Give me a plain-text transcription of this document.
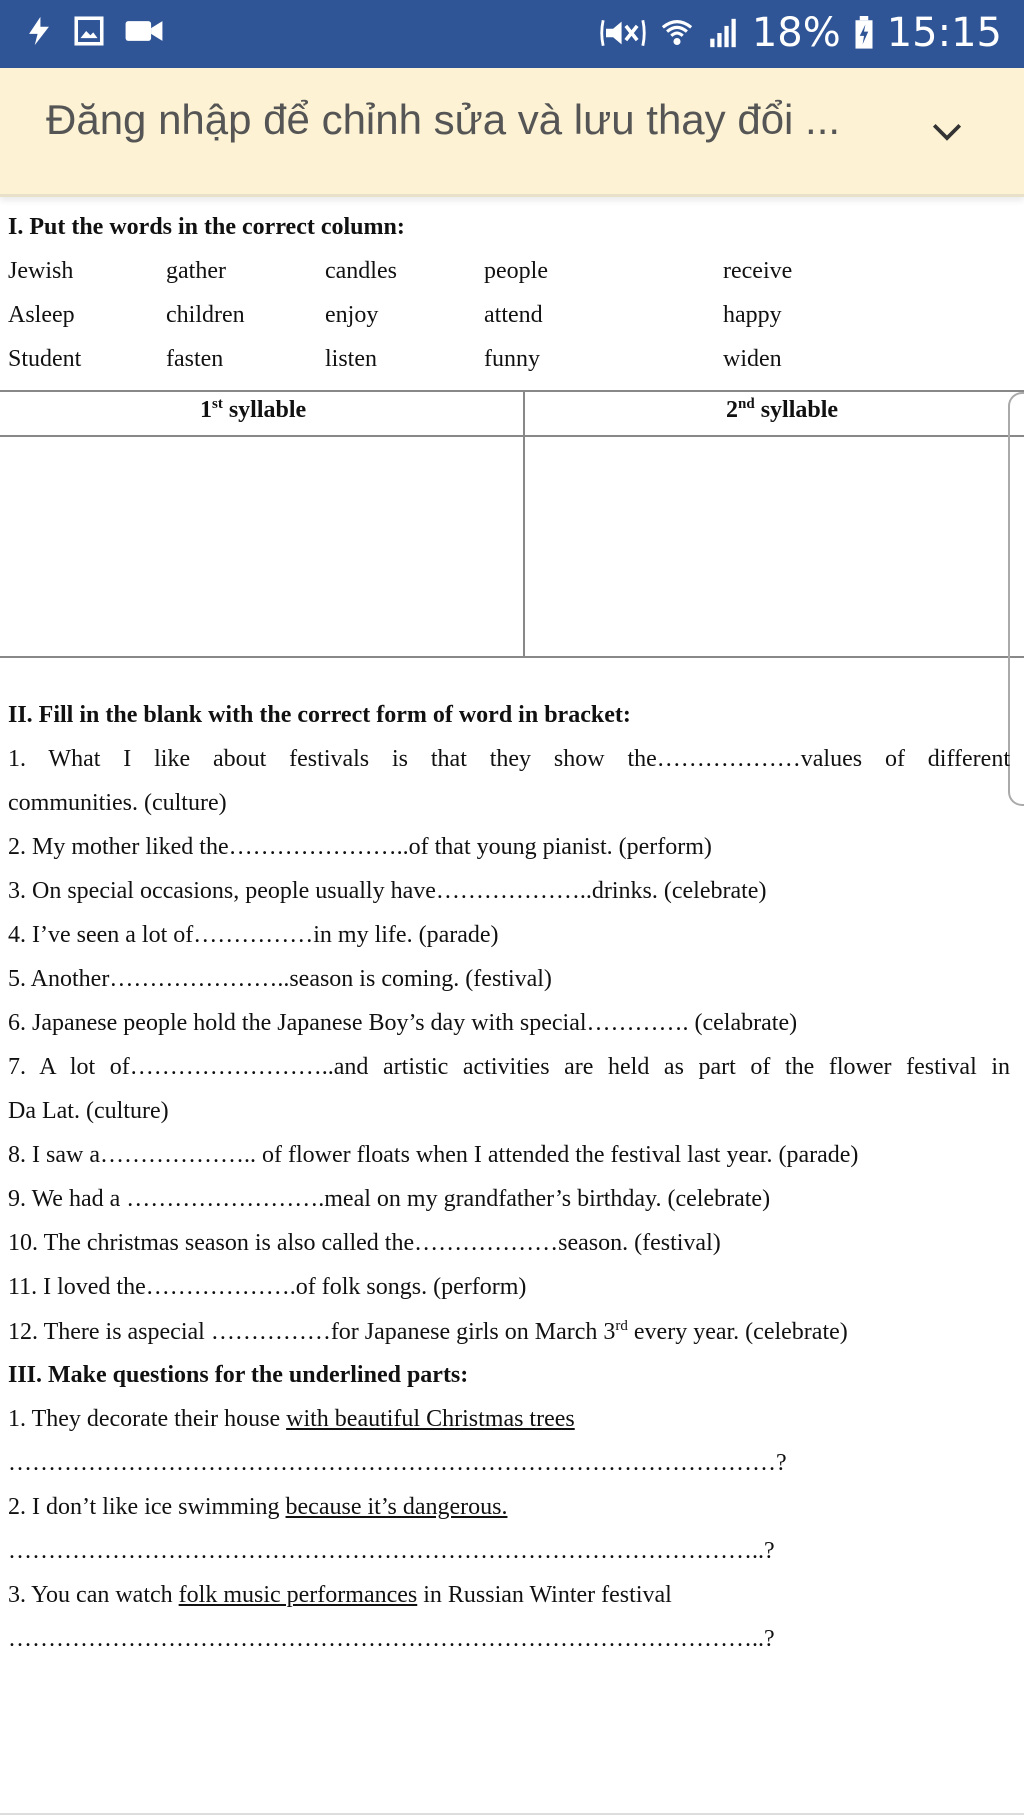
18% 15:15
Đăng nhập để chỉnh sửa và lưu thay đổi ...
I. Put the words in the correct column:
Jewish	gather	candles	people	receive
Asleep	children	enjoy	attend	happy
Student	fasten	listen	funny	widen
1st syllable	2nd syllable
II. Fill in the blank with the correct form of word in bracket:
1. What I like about festivals is that they show the………………values of different
communities. (culture)
2. My mother liked the…………………..of that young pianist. (perform)
3. On special occasions, people usually have………………..drinks. (celebrate)
4. I’ve seen a lot of……………in my life. (parade)
5. Another…………………..season is coming. (festival)
6. Japanese people hold the Japanese Boy’s day with special…………. (celabrate)
7. A lot of……………………..and artistic activities are held as part of the flower festival in
Da Lat. (culture)
8. I saw a……………….. of flower floats when I attended the festival last year. (parade)
9. We had a …………………….meal on my grandfather’s birthday. (celebrate)
10. The christmas season is also called the………………season. (festival)
11. I loved the……………….of folk songs. (perform)
12. There is aspecial ……………for Japanese girls on March 3rd every year. (celebrate)
III. Make questions for the underlined parts:
1. They decorate their house with beautiful Christmas trees
……………………………………………………………………………………?
2. I don’t like ice swimming because it’s dangerous.
…………………………………………………………………………………..?
3. You can watch folk music performances in Russian Winter festival
…………………………………………………………………………………..?
